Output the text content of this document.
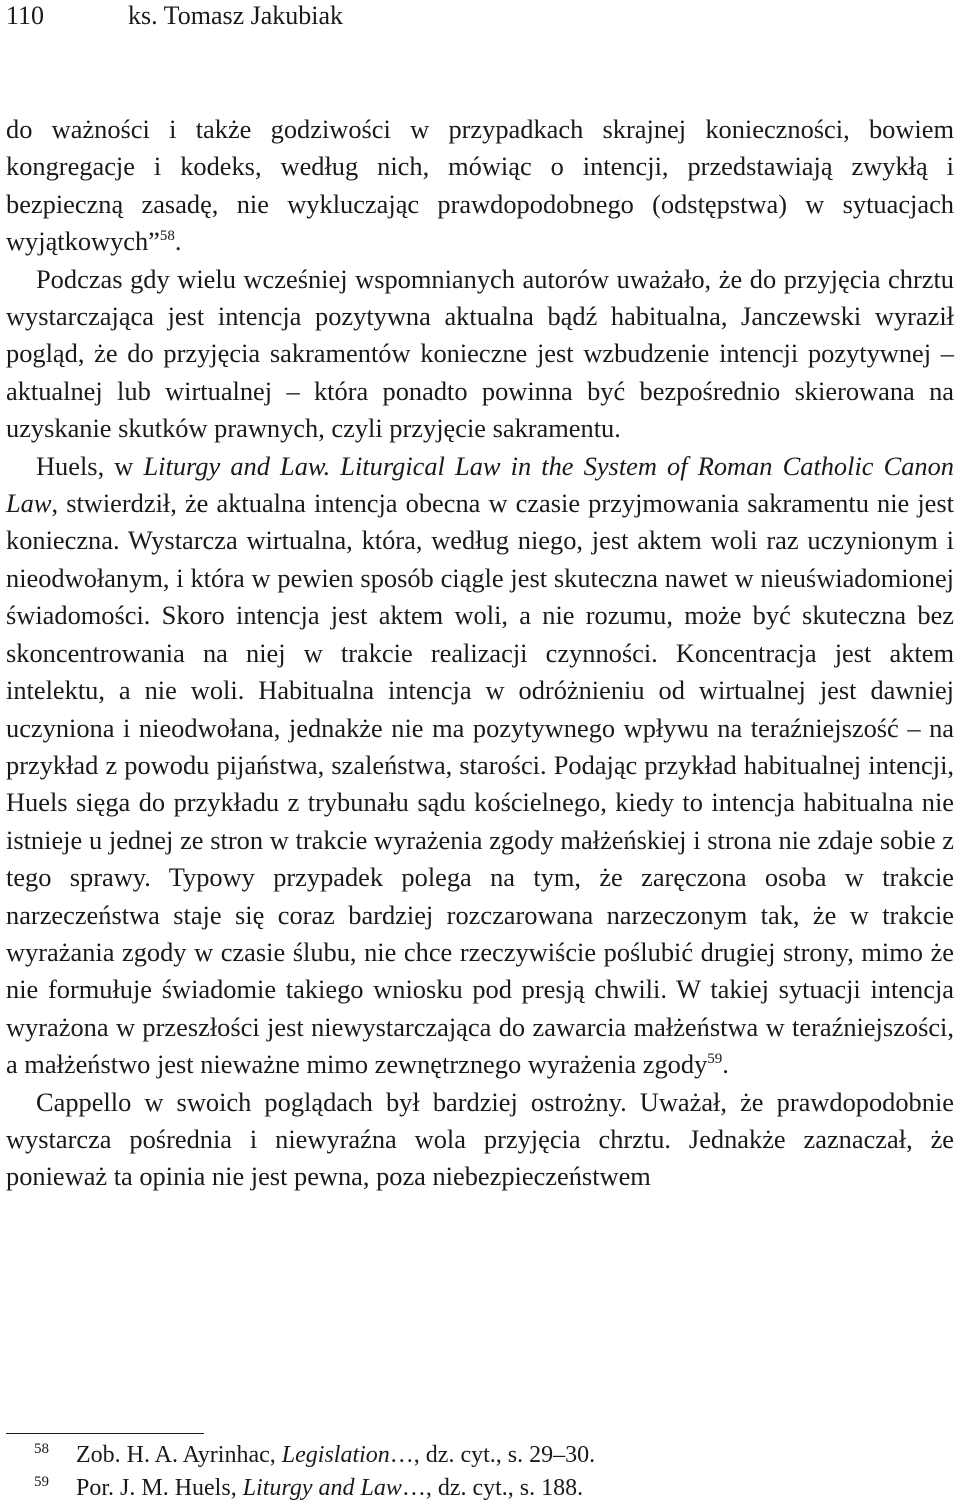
110	ks. Tomasz Jakubiak

do ważności i także godziwości w przypadkach skrajnej konieczności, bowiem kongregacje i kodeks, według nich, mówiąc o intencji, przedstawiają zwykłą i bezpieczną zasadę, nie wykluczając prawdopodobnego (odstępstwa) w sytuacjach wyjątkowych”$^{58}$.

Podczas gdy wielu wcześniej wspomnianych autorów uważało, że do przyjęcia chrztu wystarczająca jest intencja pozytywna aktualna bądź habitualna, Janczewski wyraził pogląd, że do przyjęcia sakramentów konieczne jest wzbudzenie intencji pozytywnej – aktualnej lub wirtualnej – która ponadto powinna być bezpośrednio skierowana na uzyskanie skutków prawnych, czyli przyjęcie sakramentu.

Huels, w Liturgy and Law. Liturgical Law in the System of Roman Catholic Canon Law, stwierdził, że aktualna intencja obecna w czasie przyjmowania sakramentu nie jest konieczna. Wystarcza wirtualna, która, według niego, jest aktem woli raz uczynionym i nieodwołanym, i która w pewien sposób ciągle jest skuteczna nawet w nieuświadomionej świadomości. Skoro intencja jest aktem woli, a nie rozumu, może być skuteczna bez skoncentrowania na niej w trakcie realizacji czynności. Koncentracja jest aktem intelektu, a nie woli. Habitualna intencja w odróżnieniu od wirtualnej jest dawniej uczyniona i nieodwołana, jednakże nie ma pozytywnego wpływu na teraźniejszość – na przykład z powodu pijaństwa, szaleństwa, starości. Podając przykład habitualnej intencji, Huels sięga do przykładu z trybunału sądu kościelnego, kiedy to intencja habitualna nie istnieje u jednej ze stron w trakcie wyrażenia zgody małżeńskiej i strona nie zdaje sobie z tego sprawy. Typowy przypadek polega na tym, że zaręczona osoba w trakcie narzeczeństwa staje się coraz bardziej rozczarowana narzeczonym tak, że w trakcie wyrażania zgody w czasie ślubu, nie chce rzeczywiście poślubić drugiej strony, mimo że nie formułuje świadomie takiego wniosku pod presją chwili. W takiej sytuacji intencja wyrażona w przeszłości jest niewystarczająca do zawarcia małżeństwa w teraźniejszości, a małżeństwo jest nieważne mimo zewnętrznego wyrażenia zgody$^{59}$.

Cappello w swoich poglądach był bardziej ostrożny. Uważał, że prawdopodobnie wystarcza pośrednia i niewyraźna wola przyjęcia chrztu. Jednakże zaznaczał, że ponieważ ta opinia nie jest pewna, poza niebezpieczeństwem

58 Zob. H. A. Ayrinhac, Legislation…, dz. cyt., s. 29–30.
59 Por. J. M. Huels, Liturgy and Law…, dz. cyt., s. 188.
